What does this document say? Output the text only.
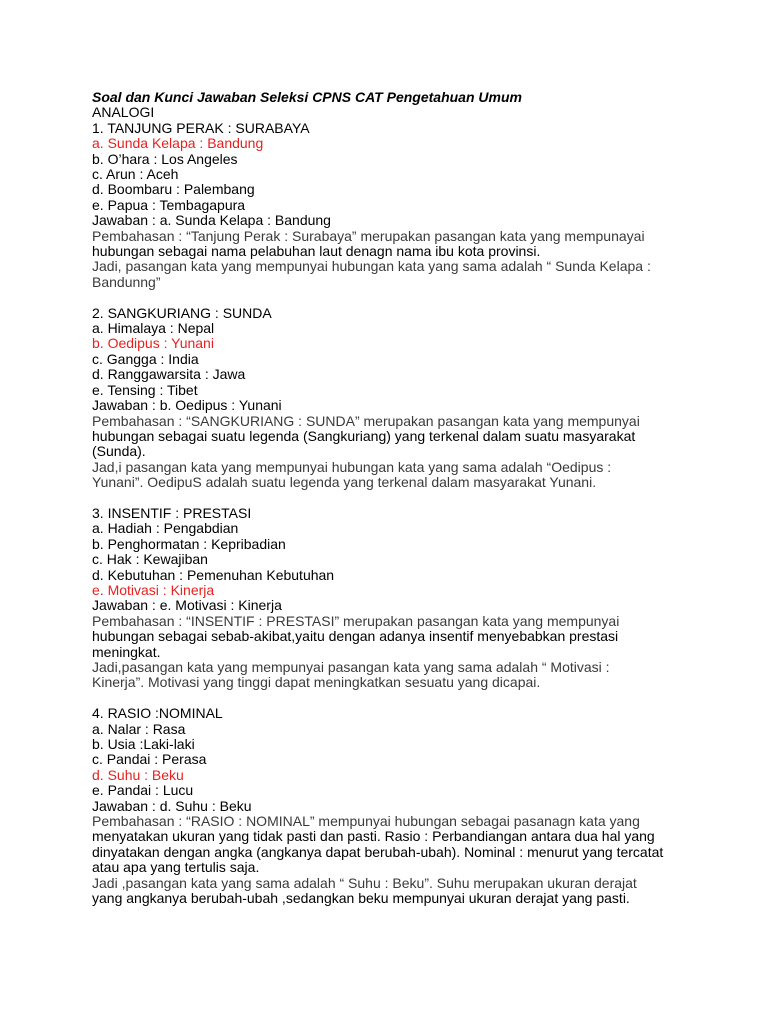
Soal dan Kunci Jawaban Seleksi CPNS CAT Pengetahuan Umum
ANALOGI
1. TANJUNG PERAK : SURABAYA
a. Sunda Kelapa : Bandung
b. O’hara : Los Angeles
c. Arun : Aceh
d. Boombaru : Palembang
e. Papua : Tembagapura
Jawaban : a. Sunda Kelapa : Bandung
Pembahasan : “Tanjung Perak : Surabaya” merupakan pasangan kata yang mempunayai
hubungan sebagai nama pelabuhan laut denagn nama ibu kota provinsi.
Jadi, pasangan kata yang mempunyai hubungan kata yang sama adalah “ Sunda Kelapa :
Bandunng”
2. SANGKURIANG : SUNDA
a. Himalaya : Nepal
b. Oedipus : Yunani
c. Gangga : India
d. Ranggawarsita : Jawa
e. Tensing : Tibet
Jawaban : b. Oedipus : Yunani
Pembahasan : “SANGKURIANG : SUNDA” merupakan pasangan kata yang mempunyai
hubungan sebagai suatu legenda (Sangkuriang) yang terkenal dalam suatu masyarakat
(Sunda).
Jad,i pasangan kata yang mempunyai hubungan kata yang sama adalah “Oedipus :
Yunani”. OedipuS adalah suatu legenda yang terkenal dalam masyarakat Yunani.
3. INSENTIF : PRESTASI
a. Hadiah : Pengabdian
b. Penghormatan : Kepribadian
c. Hak : Kewajiban
d. Kebutuhan : Pemenuhan Kebutuhan
e. Motivasi : Kinerja
Jawaban : e. Motivasi : Kinerja
Pembahasan : “INSENTIF : PRESTASI” merupakan pasangan kata yang mempunyai
hubungan sebagai sebab-akibat,yaitu dengan adanya insentif menyebabkan prestasi
meningkat.
Jadi,pasangan kata yang mempunyai pasangan kata yang sama adalah “ Motivasi :
Kinerja”. Motivasi yang tinggi dapat meningkatkan sesuatu yang dicapai.
4. RASIO :NOMINAL
a. Nalar : Rasa
b. Usia :Laki-laki
c. Pandai : Perasa
d. Suhu : Beku
e. Pandai : Lucu
Jawaban : d. Suhu : Beku
Pembahasan : “RASIO : NOMINAL” mempunyai hubungan sebagai pasanagn kata yang
menyatakan ukuran yang tidak pasti dan pasti. Rasio : Perbandiangan antara dua hal yang
dinyatakan dengan angka (angkanya dapat berubah-ubah). Nominal : menurut yang tercatat
atau apa yang tertulis saja.
Jadi ,pasangan kata yang sama adalah “ Suhu : Beku”. Suhu merupakan ukuran derajat
yang angkanya berubah-ubah ,sedangkan beku mempunyai ukuran derajat yang pasti.
